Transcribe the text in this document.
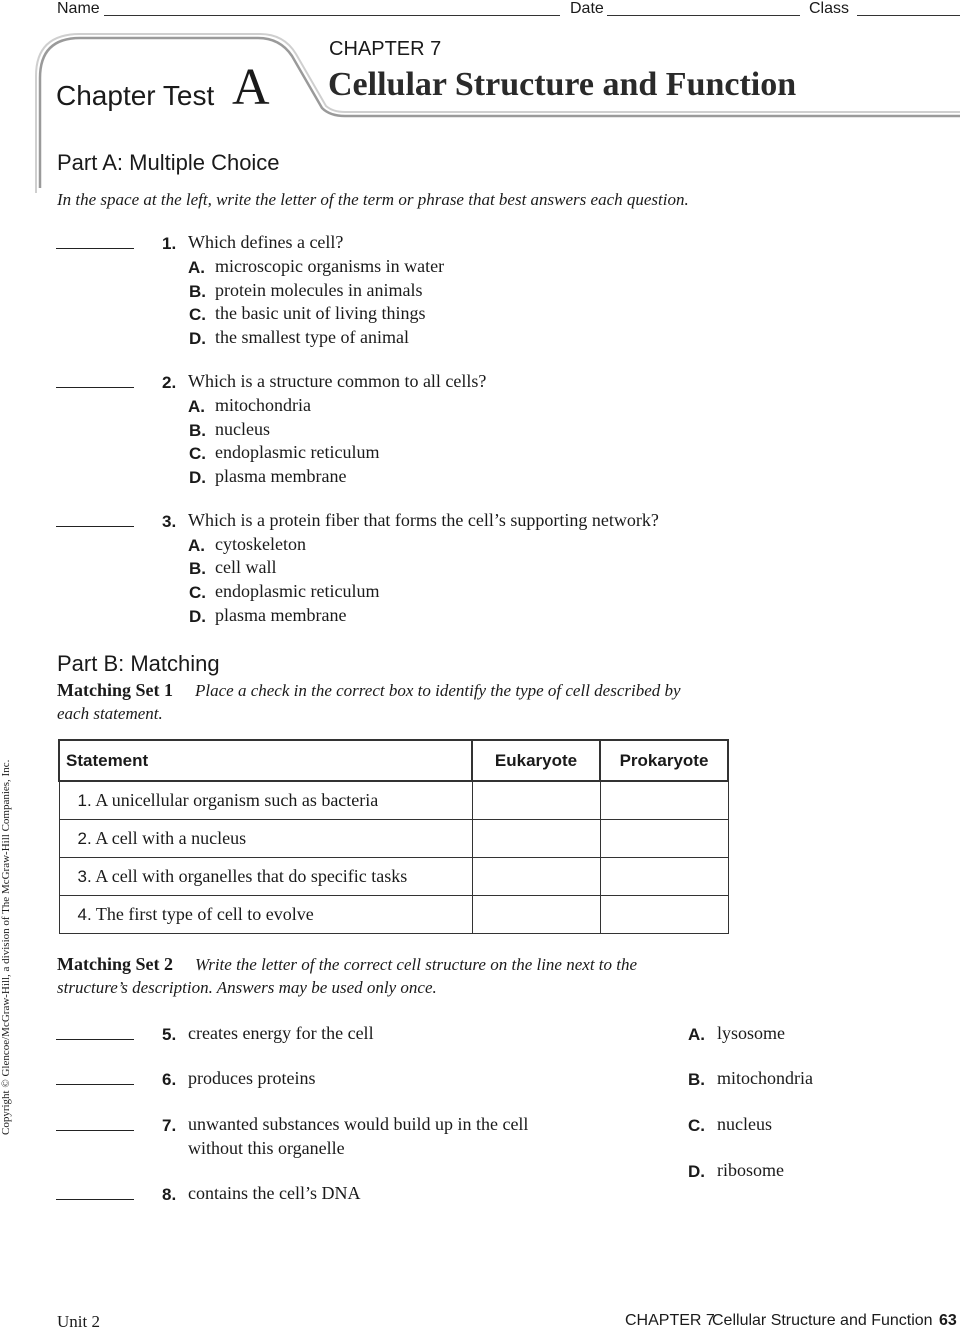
Name	Date	Class
CHAPTER 7
Cellular Structure and Function
Chapter Test A
Part A: Multiple Choice
In the space at the left, write the letter of the term or phrase that best answers each question.
1. Which defines a cell?
A. microscopic organisms in water
B. protein molecules in animals
C. the basic unit of living things
D. the smallest type of animal
2. Which is a structure common to all cells?
A. mitochondria
B. nucleus
C. endoplasmic reticulum
D. plasma membrane
3. Which is a protein fiber that forms the cell’s supporting network?
A. cytoskeleton
B. cell wall
C. endoplasmic reticulum
D. plasma membrane
Part B: Matching
Matching Set 1 Place a check in the correct box to identify the type of cell described by
each statement.
Statement	Eukaryote	Prokaryote
1. A unicellular organism such as bacteria		
2. A cell with a nucleus		
3. A cell with organelles that do specific tasks		
4. The first type of cell to evolve		
Matching Set 2 Write the letter of the correct cell structure on the line next to the
structure’s description. Answers may be used only once.
5. creates energy for the cell
6. produces proteins
7. unwanted substances would build up in the cell
without this organelle
8. contains the cell’s DNA
A. lysosome
B. mitochondria
C. nucleus
D. ribosome
Copyright © Glencoe/McGraw-Hill, a division of The McGraw-Hill Companies, Inc.
Unit 2	CHAPTER 7
Cellular Structure and Function 63
